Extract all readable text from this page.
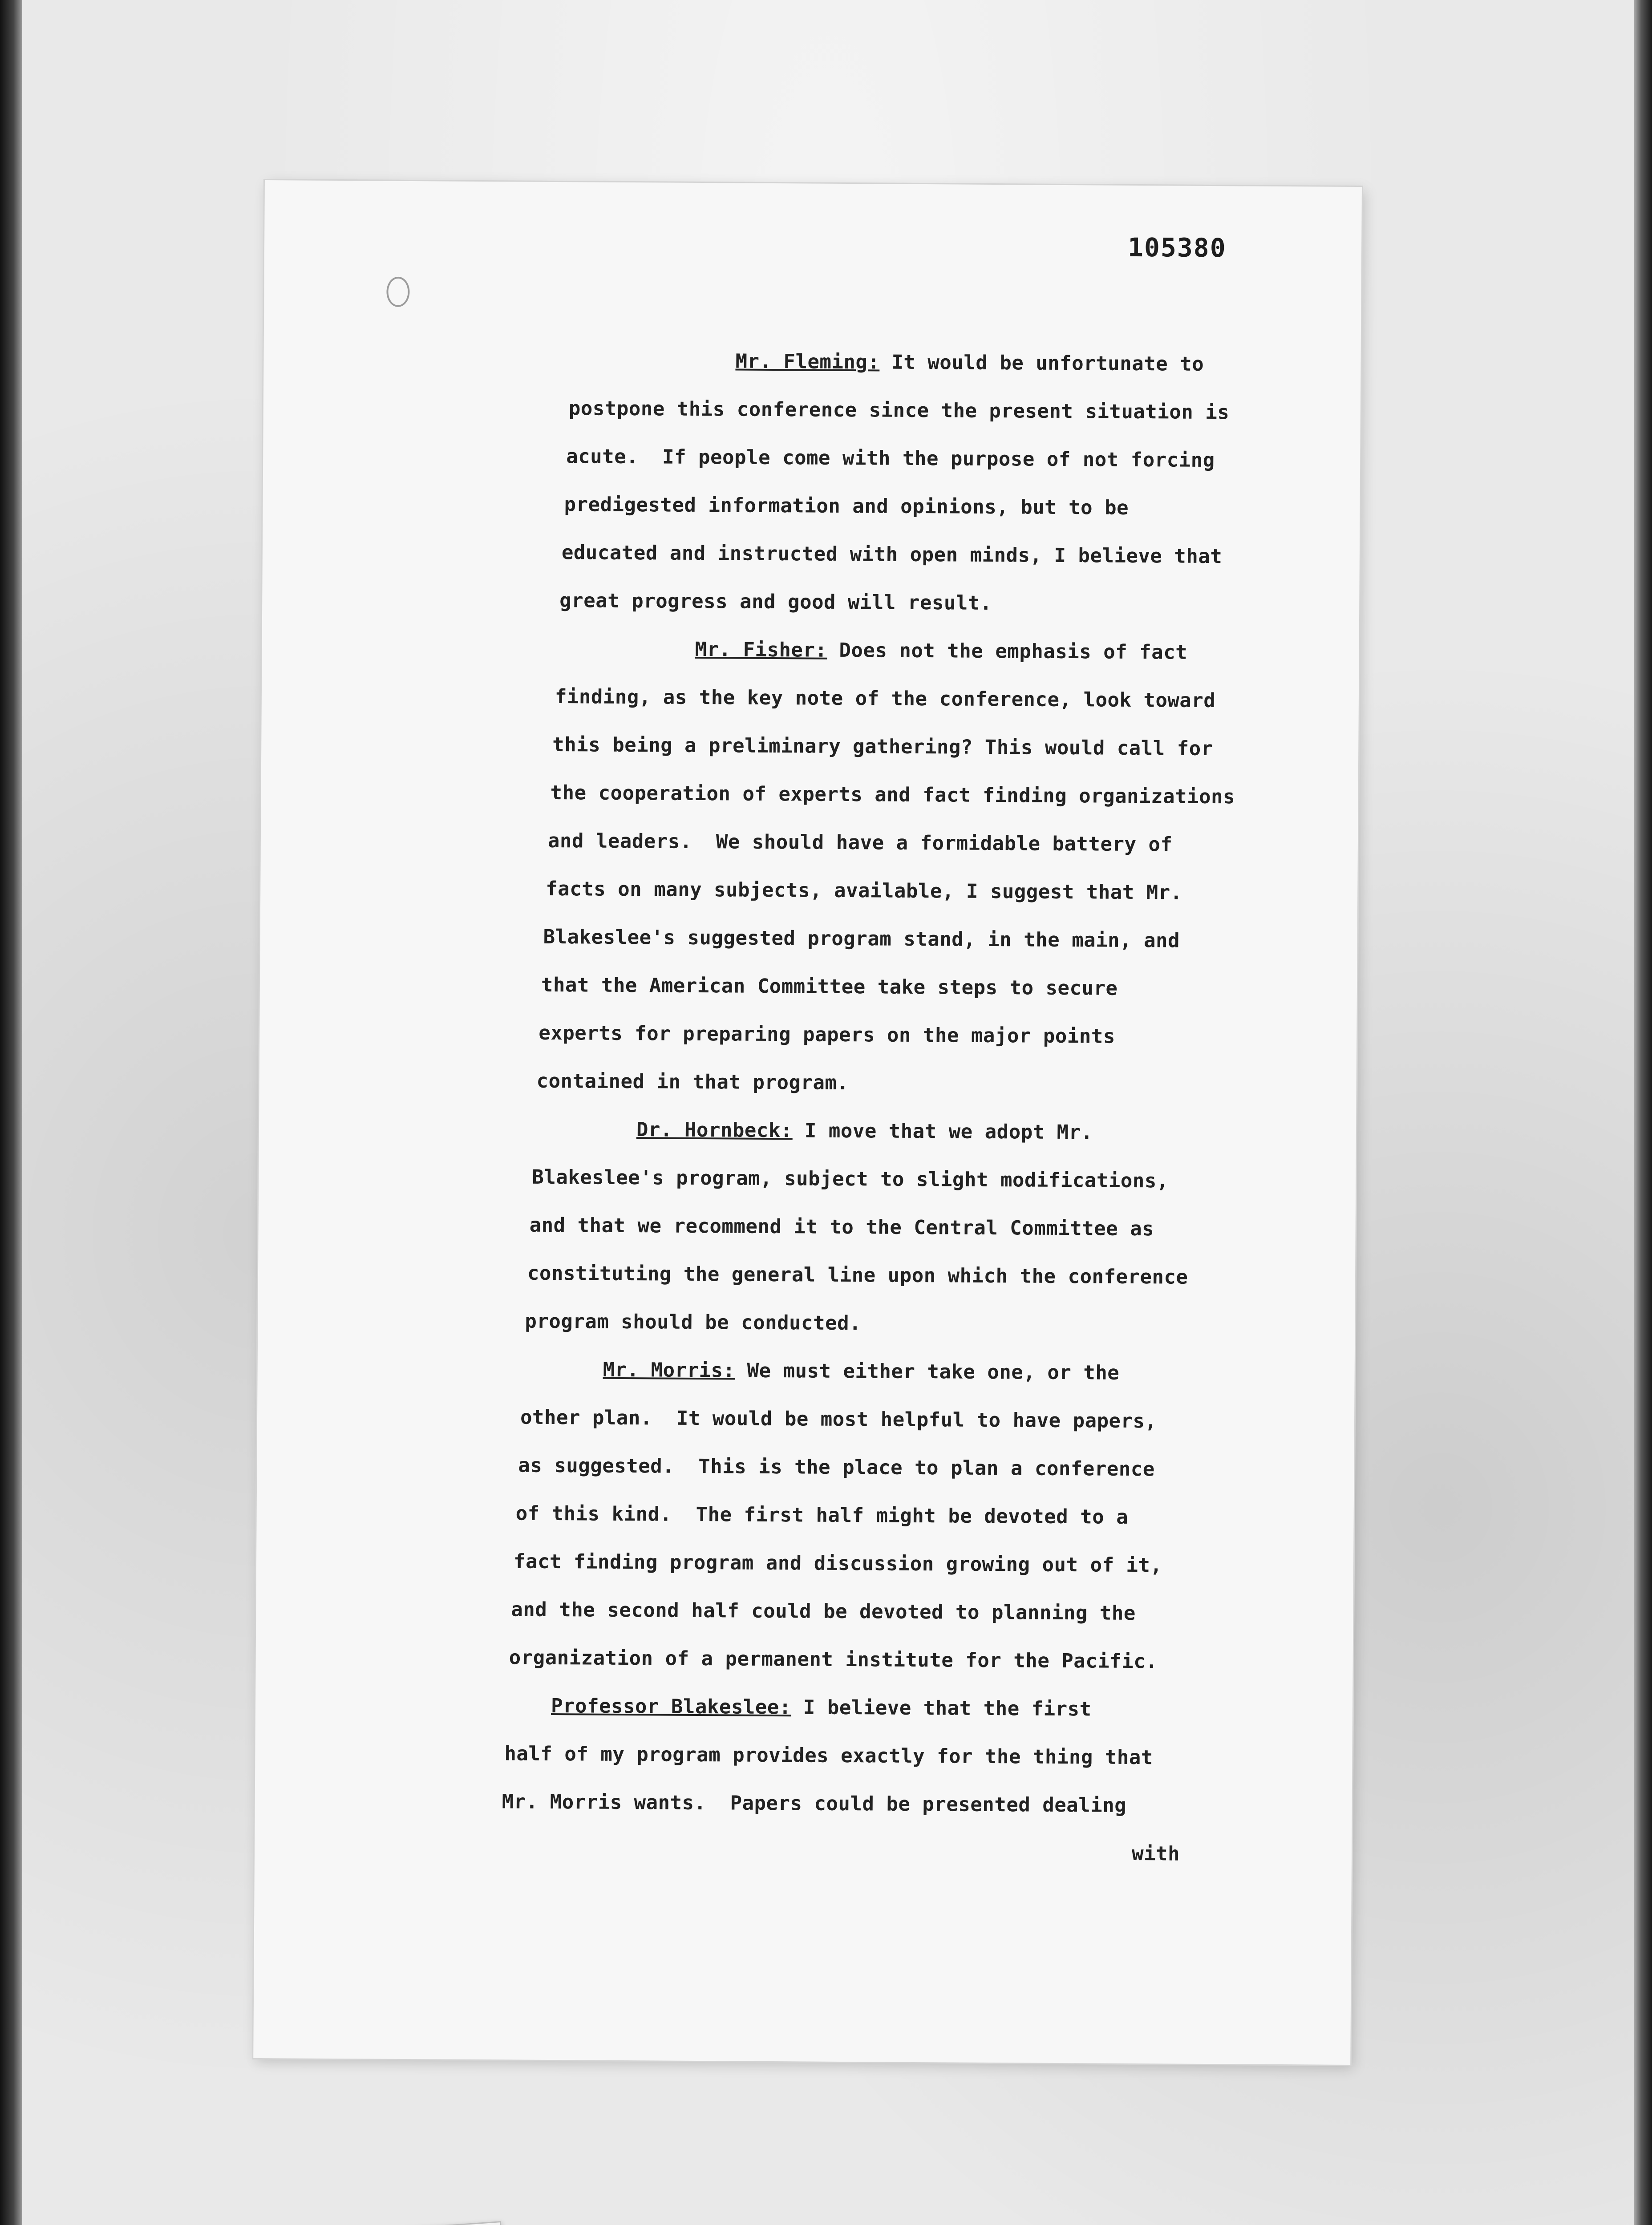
105380
Mr. Fleming: It would be unfortunate to
postpone this conference since the present situation is
acute.  If people come with the purpose of not forcing
predigested information and opinions, but to be
educated and instructed with open minds, I believe that
great progress and good will result.
Mr. Fisher: Does not the emphasis of fact
finding, as the key note of the conference, look toward
this being a preliminary gathering? This would call for
the cooperation of experts and fact finding organizations
and leaders.  We should have a formidable battery of
facts on many subjects, available, I suggest that Mr.
Blakeslee's suggested program stand, in the main, and
that the American Committee take steps to secure
experts for preparing papers on the major points
contained in that program.
Dr. Hornbeck: I move that we adopt Mr.
Blakeslee's program, subject to slight modifications,
and that we recommend it to the Central Committee as
constituting the general line upon which the conference
program should be conducted.
Mr. Morris: We must either take one, or the
other plan.  It would be most helpful to have papers,
as suggested.  This is the place to plan a conference
of this kind.  The first half might be devoted to a
fact finding program and discussion growing out of it,
and the second half could be devoted to planning the
organization of a permanent institute for the Pacific.
Professor Blakeslee: I believe that the first
half of my program provides exactly for the thing that
Mr. Morris wants.  Papers could be presented dealing
with
